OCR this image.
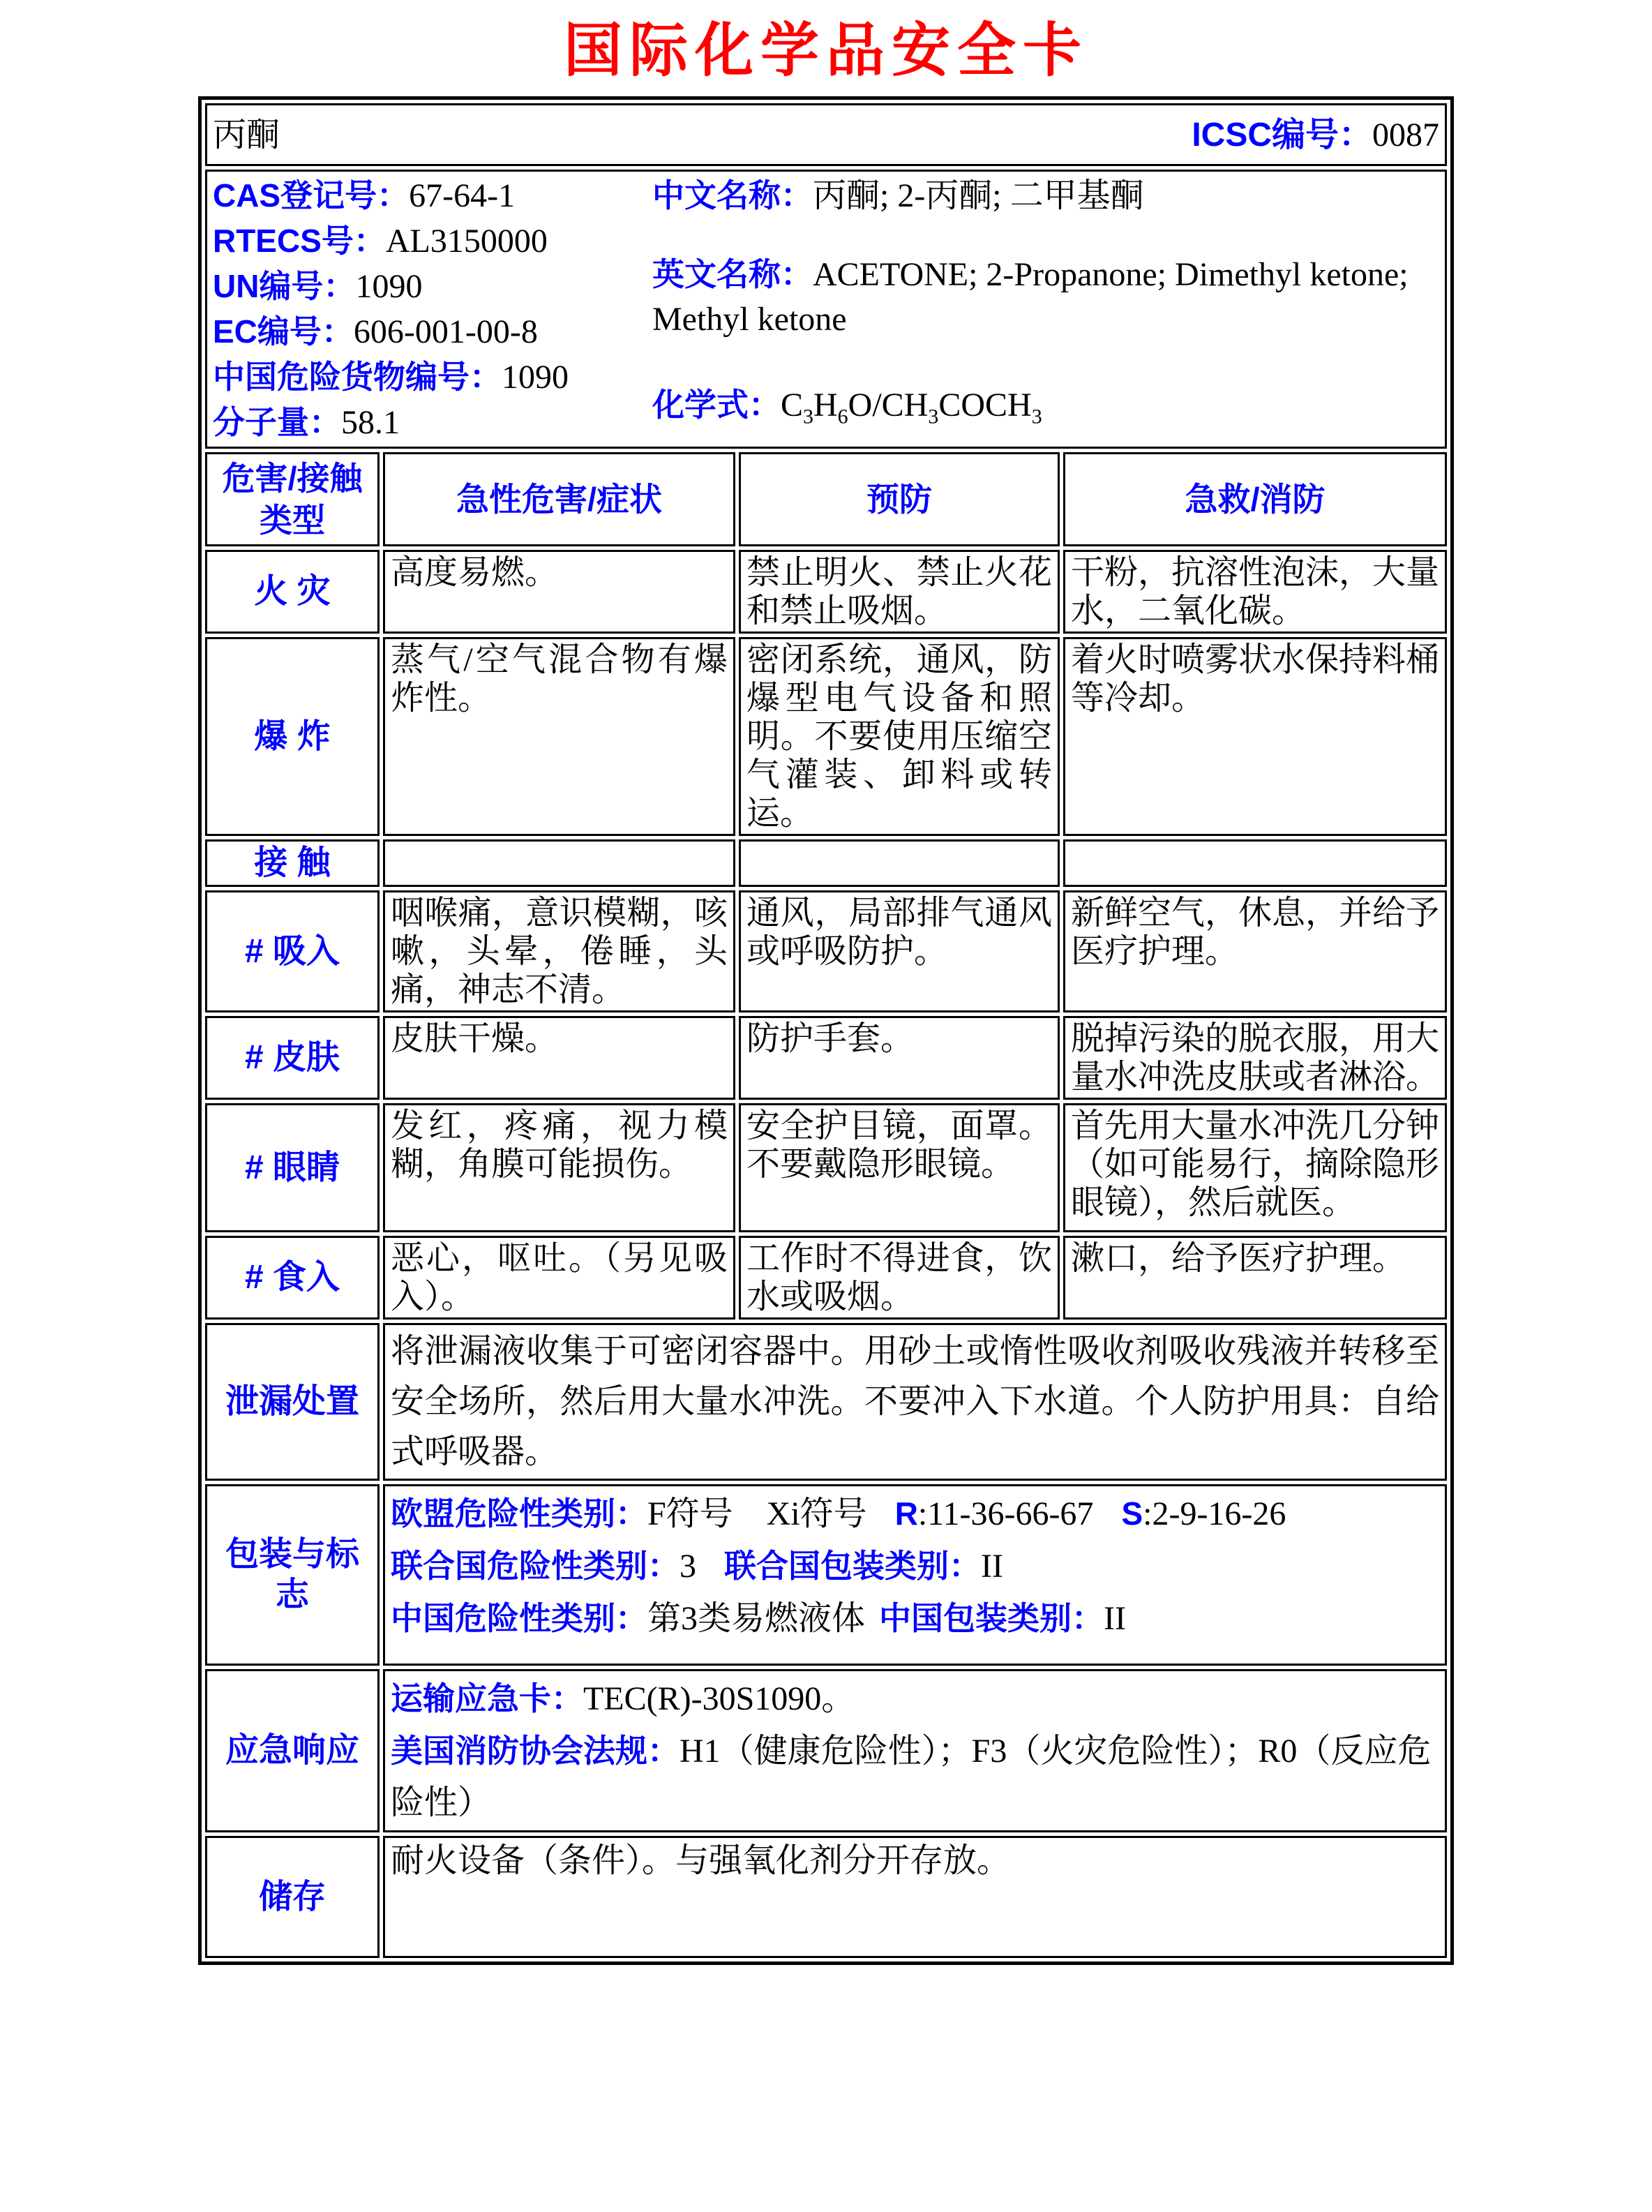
国际化学品安全卡
丙酮 ICSC编号：0087			

CAS登记号：67-64-1
RTECS号：AL3150000
UN编号：1090
EC编号：606-001-00-8
中国危险货物编号：1090
分子量：58.1
中文名称：丙酮; 2-丙酮; 二甲基酮
英文名称：ACETONE; 2-Propanone; Dimethyl ketone; Methyl ketone
化学式：$C_3H_6O/CH_3COCH_3$

危害/接触类型	急性危害/症状	预防	急救/消防
火 灾	高度易燃。	禁止明火、禁止火花和禁止吸烟。	干粉，抗溶性泡沫，大量水，二氧化碳。
爆 炸	蒸气/空气混合物有爆炸性。	密闭系统，通风，防爆型电气设备和照明。不要使用压缩空气灌装、卸料或转运。	着火时喷雾状水保持料桶等冷却。
接 触			
# 吸入	咽喉痛，意识模糊，咳嗽，头晕，倦睡，头痛，神志不清。	通风，局部排气通风或呼吸防护。	新鲜空气，休息，并给予医疗护理。
# 皮肤	皮肤干燥。	防护手套。	脱掉污染的脱衣服，用大量水冲洗皮肤或者淋浴。
# 眼睛	发红，疼痛，视力模糊，角膜可能损伤。	安全护目镜，面罩。不要戴隐形眼镜。	首先用大量水冲洗几分钟（如可能易行，摘除隐形眼镜），然后就医。
# 食入	恶心，呕吐。（另见吸入）。	工作时不得进食，饮水或吸烟。	漱口，给予医疗护理。
泄漏处置	将泄漏液收集于可密闭容器中。用砂土或惰性吸收剂吸收残液并转移至安全场所，然后用大量水冲洗。不要冲入下水道。个人防护用具：自给式呼吸器。		

包装与标志	欧盟危险性类别：F符号　Xi符号 R:11-36-66-67 S:2-9-16-26

联合国危险性类别：3 联合国包装类别：II

中国危险性类别：第3类易燃液体 中国包装类别：II		

应急响应	运输应急卡：TEC(R)-30S1090。

美国消防协会法规：H1（健康危险性）；F3（火灾危险性）；R0（反应危险性）		

储存	耐火设备（条件）。与强氧化剂分开存放。		
